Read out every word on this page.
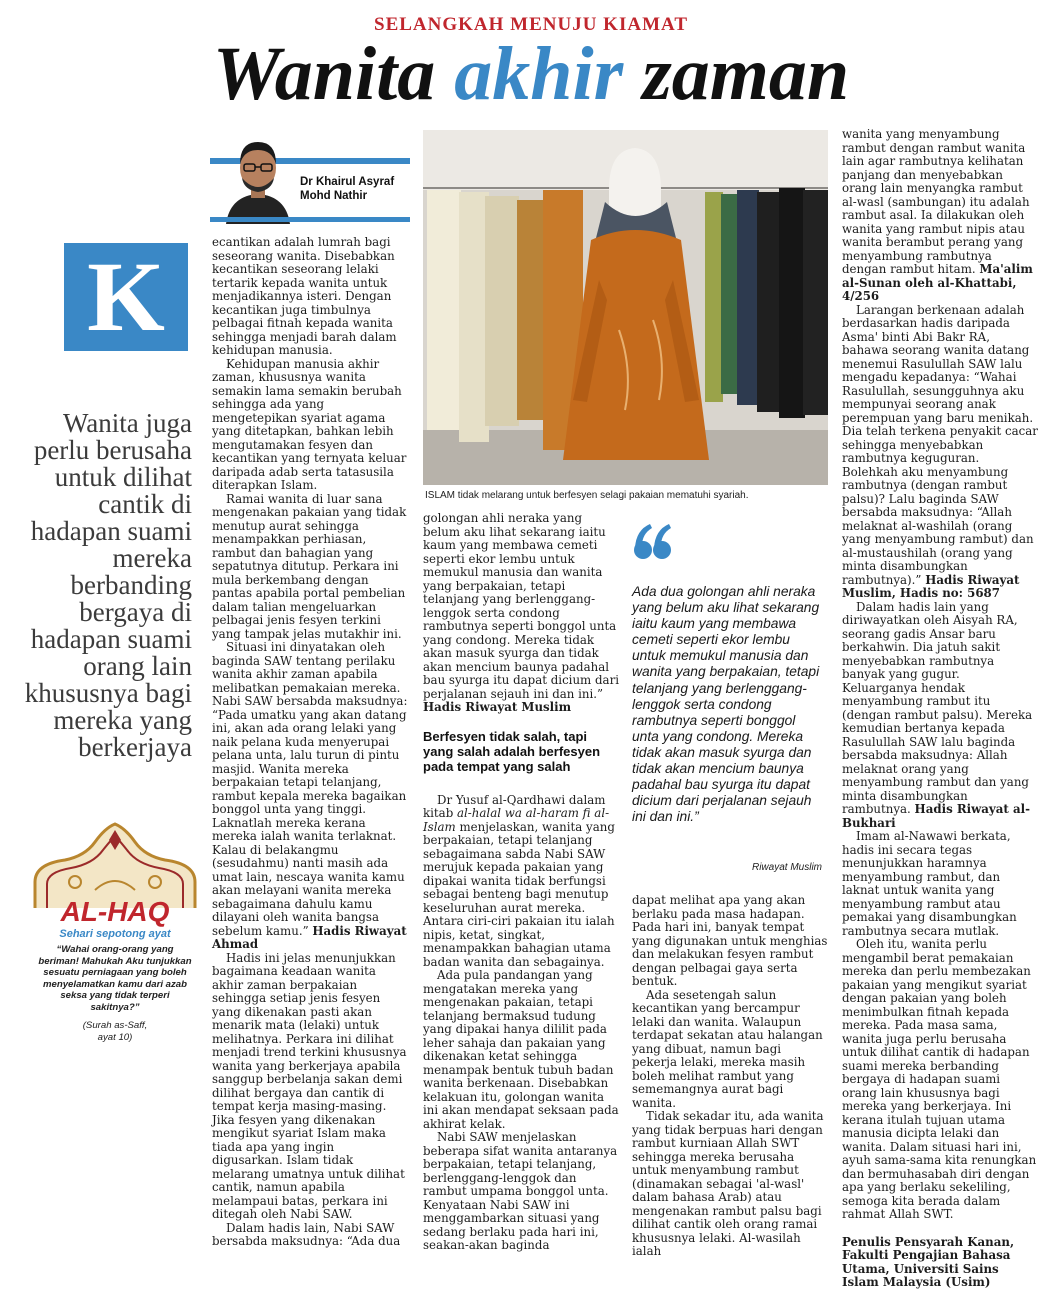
SELANGKAH MENUJU KIAMAT
Wanita akhir zaman
Dr Khairul Asyraf
Mohd Nathir
K
Wanita juga perlu berusaha untuk dilihat cantik di hadapan suami mereka berbanding bergaya di hadapan suami orang lain khususnya bagi mereka yang berkerjaya
AL-HAQ
Sehari sepotong ayat
“Wahai orang-orang yang beriman! Mahukah Aku tunjukkan sesuatu perniagaan yang boleh menyelamatkan kamu dari azab seksa yang tidak terperi sakitnya?”
(Surah as-Saff,
ayat 10)
ISLAM tidak melarang untuk berfesyen selagi pakaian mematuhi syariah.

ecantikan adalah lumrah bagi seseorang wanita. Disebabkan kecantikan seseorang lelaki tertarik kepada wanita untuk menjadikannya isteri. Dengan kecantikan juga timbulnya pelbagai fitnah kepada wanita sehingga menjadi barah dalam kehidupan manusia.

Kehidupan manusia akhir zaman, khususnya wanita semakin lama semakin berubah sehingga ada yang mengetepikan syariat agama yang ditetapkan, bahkan lebih mengutamakan fesyen dan kecantikan yang ternyata keluar daripada adab serta tatasusila diterapkan Islam.

Ramai wanita di luar sana mengenakan pakaian yang tidak menutup aurat sehingga menampakkan perhiasan, rambut dan bahagian yang sepatutnya ditutup. Perkara ini mula berkembang dengan pantas apabila portal pembelian dalam talian mengeluarkan pelbagai jenis fesyen terkini yang tampak jelas mutakhir ini.

Situasi ini dinyatakan oleh baginda SAW tentang perilaku wanita akhir zaman apabila melibatkan pemakaian mereka. Nabi SAW bersabda maksudnya: “Pada umatku yang akan datang ini, akan ada orang lelaki yang naik pelana kuda menyerupai pelana unta, lalu turun di pintu masjid. Wanita mereka berpakaian tetapi telanjang, rambut kepala mereka bagaikan bonggol unta yang tinggi. Laknatlah mereka kerana mereka ialah wanita terlaknat. Kalau di belakangmu (sesudahmu) nanti masih ada umat lain, nescaya wanita kamu akan melayani wanita mereka sebagaimana dahulu kamu dilayani oleh wanita bangsa sebelum kamu.” Hadis Riwayat Ahmad

Hadis ini jelas menunjukkan bagaimana keadaan wanita akhir zaman berpakaian sehingga setiap jenis fesyen yang dikenakan pasti akan menarik mata (lelaki) untuk melihatnya. Perkara ini dilihat menjadi trend terkini khususnya wanita yang berkerjaya apabila sanggup berbelanja sakan demi dilihat bergaya dan cantik di tempat kerja masing-masing. Jika fesyen yang dikenakan mengikut syariat Islam maka tiada apa yang ingin digusarkan. Islam tidak melarang umatnya untuk dilihat cantik, namun apabila melampaui batas, perkara ini ditegah oleh Nabi SAW.

Dalam hadis lain, Nabi SAW bersabda maksudnya: “Ada dua

golongan ahli neraka yang belum aku lihat sekarang iaitu kaum yang membawa cemeti seperti ekor lembu untuk memukul manusia dan wanita yang berpakaian, tetapi telanjang yang berlenggang-lenggok serta condong rambutnya seperti bonggol unta yang condong. Mereka tidak akan masuk syurga dan tidak akan mencium baunya padahal bau syurga itu dapat dicium dari perjalanan sejauh ini dan ini.” Hadis Riwayat Muslim

Berfesyen tidak salah, tapi yang salah adalah berfesyen pada tempat yang salah

Dr Yusuf al-Qardhawi dalam kitab al-halal wa al-haram fi al-Islam menjelaskan, wanita yang berpakaian, tetapi telanjang sebagaimana sabda Nabi SAW merujuk kepada pakaian yang dipakai wanita tidak berfungsi sebagai benteng bagi menutup keseluruhan aurat mereka. Antara ciri-ciri pakaian itu ialah nipis, ketat, singkat, menampakkan bahagian utama badan wanita dan sebagainya.

Ada pula pandangan yang mengatakan mereka yang mengenakan pakaian, tetapi telanjang bermaksud tudung yang dipakai hanya dililit pada leher sahaja dan pakaian yang dikenakan ketat sehingga menampak bentuk tubuh badan wanita berkenaan. Disebabkan kelakuan itu, golongan wanita ini akan mendapat seksaan pada akhirat kelak.

Nabi SAW menjelaskan beberapa sifat wanita antaranya berpakaian, tetapi telanjang, berlenggang-lenggok dan rambut umpama bonggol unta. Kenyataan Nabi SAW ini menggambarkan situasi yang sedang berlaku pada hari ini, seakan-akan baginda

Ada dua golongan ahli neraka yang belum aku lihat sekarang iaitu kaum yang membawa cemeti seperti ekor lembu untuk memukul manusia dan wanita yang berpakaian, tetapi telanjang yang berlenggang-lenggok serta condong rambutnya seperti bonggol unta yang condong. Mereka tidak akan masuk syurga dan tidak akan mencium baunya padahal bau syurga itu dapat dicium dari perjalanan sejauh ini dan ini.”
Riwayat Muslim

dapat melihat apa yang akan berlaku pada masa hadapan. Pada hari ini, banyak tempat yang digunakan untuk menghias dan melakukan fesyen rambut dengan pelbagai gaya serta bentuk.

Ada sesetengah salun kecantikan yang bercampur lelaki dan wanita. Walaupun terdapat sekatan atau halangan yang dibuat, namun bagi pekerja lelaki, mereka masih boleh melihat rambut yang sememangnya aurat bagi wanita.

Tidak sekadar itu, ada wanita yang tidak berpuas hari dengan rambut kurniaan Allah SWT sehingga mereka berusaha untuk menyambung rambut (dinamakan sebagai 'al-wasl' dalam bahasa Arab) atau mengenakan rambut palsu bagi dilihat cantik oleh orang ramai khususnya lelaki. Al-wasilah ialah

wanita yang menyambung rambut dengan rambut wanita lain agar rambutnya kelihatan panjang dan menyebabkan orang lain menyangka rambut al-wasl (sambungan) itu adalah rambut asal. Ia dilakukan oleh wanita yang rambut nipis atau wanita berambut perang yang menyambung rambutnya dengan rambut hitam. Ma'alim al-Sunan oleh al-Khattabi, 4/256

Larangan berkenaan adalah berdasarkan hadis daripada Asma' binti Abi Bakr RA, bahawa seorang wanita datang menemui Rasulullah SAW lalu mengadu kepadanya: “Wahai Rasulullah, sesungguhnya aku mempunyai seorang anak perempuan yang baru menikah. Dia telah terkena penyakit cacar sehingga menyebabkan rambutnya keguguran. Bolehkah aku menyambung rambutnya (dengan rambut palsu)? Lalu baginda SAW bersabda maksudnya: “Allah melaknat al-washilah (orang yang menyambung rambut) dan al-mustaushilah (orang yang minta disambungkan rambutnya).” Hadis Riwayat Muslim, Hadis no: 5687

Dalam hadis lain yang diriwayatkan oleh Aisyah RA, seorang gadis Ansar baru berkahwin. Dia jatuh sakit menyebabkan rambutnya banyak yang gugur. Keluarganya hendak menyambung rambut itu (dengan rambut palsu). Mereka kemudian bertanya kepada Rasulullah SAW lalu baginda bersabda maksudnya: Allah melaknat orang yang menyambung rambut dan yang minta disambungkan rambutnya. Hadis Riwayat al-Bukhari

Imam al-Nawawi berkata, hadis ini secara tegas menunjukkan haramnya menyambung rambut, dan laknat untuk wanita yang menyambung rambut atau pemakai yang disambungkan rambutnya secara mutlak.

Oleh itu, wanita perlu mengambil berat pemakaian mereka dan perlu membezakan pakaian yang mengikut syariat dengan pakaian yang boleh menimbulkan fitnah kepada mereka. Pada masa sama, wanita juga perlu berusaha untuk dilihat cantik di hadapan suami mereka berbanding bergaya di hadapan suami orang lain khususnya bagi mereka yang berkerjaya. Ini kerana itulah tujuan utama manusia dicipta lelaki dan wanita. Dalam situasi hari ini, ayuh sama-sama kita renungkan dan bermuhasabah diri dengan apa yang berlaku sekeliling, semoga kita berada dalam rahmat Allah SWT.

Penulis Pensyarah Kanan, Fakulti Pengajian Bahasa Utama, Universiti Sains Islam Malaysia (Usim)
